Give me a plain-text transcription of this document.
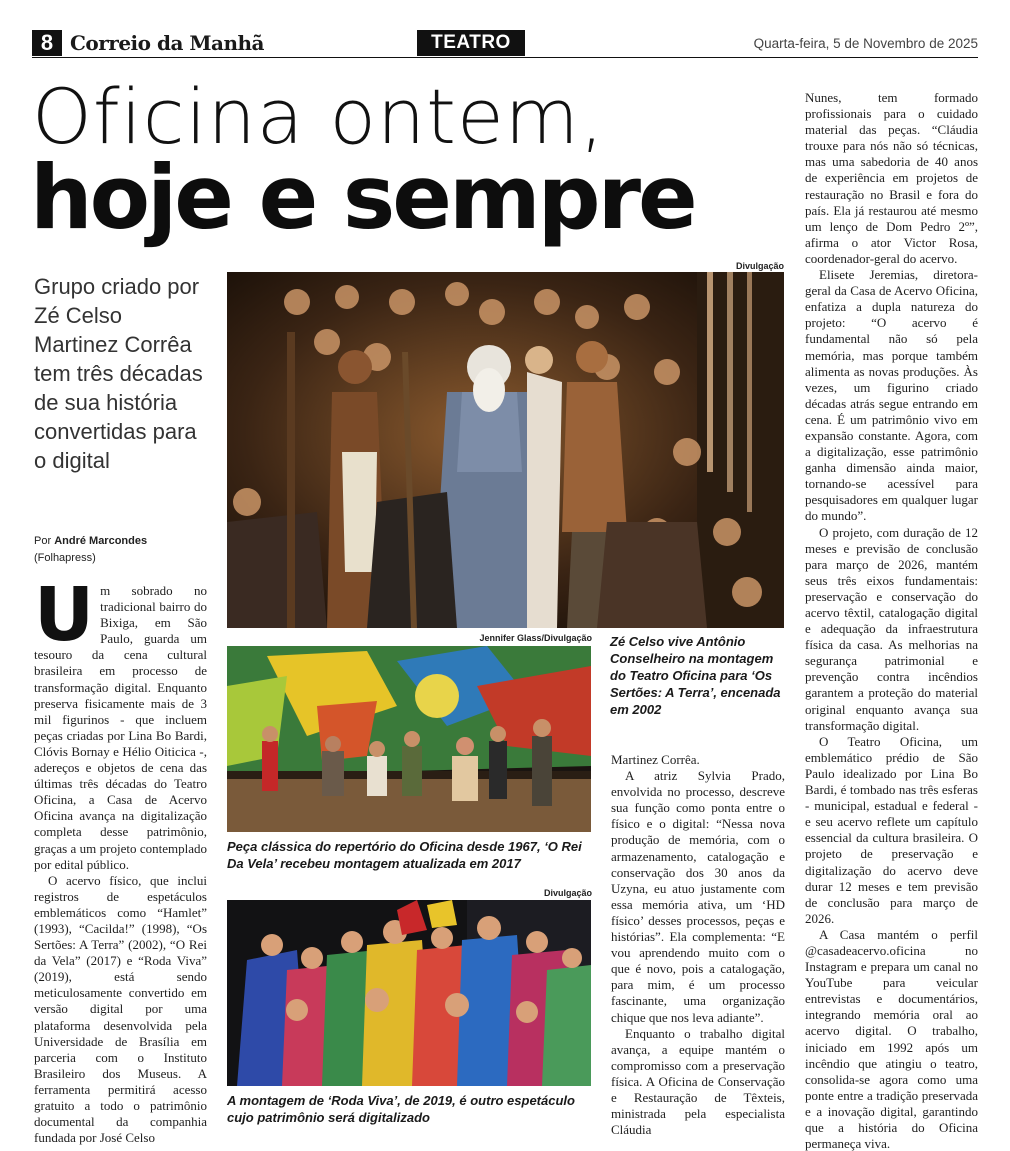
8 Correio da Manhã	TEATRO	Quarta-feira, 5 de Novembro de 2025
Oficina ontem,
hoje e sempre
Grupo criado por Zé Celso Martinez Corrêa tem três décadas de sua história convertidas para o digital
Por André Marcondes
(Folhapress)

Um sobrado no tradicional bairro do Bixiga, em São Paulo, guarda um tesouro da cena cultural brasileira em processo de transformação digital. Enquanto preserva fisicamente mais de 3 mil figurinos - que incluem peças criadas por Lina Bo Bardi, Clóvis Bornay e Hélio Oiticica -, adereços e objetos de cena das últimas três décadas do Teatro Oficina, a Casa de Acervo Oficina avança na digitalização completa desse patrimônio, graças a um projeto contemplado por edital público.

O acervo físico, que inclui registros de espetáculos emblemáticos como “Hamlet” (1993), “Cacilda!” (1998), “Os Sertões: A Terra” (2002), “O Rei da Vela” (2017) e “Roda Viva” (2019), está sendo meticulosamente convertido em versão digital por uma plataforma desenvolvida pela Universidade de Brasília em parceria com o Instituto Brasileiro dos Museus. A ferramenta permitirá acesso gratuito a todo o patrimônio documental da companhia fundada por José Celso

Divulgação
Jennifer Glass/Divulgação Zé Celso vive Antônio Conselheiro na montagem do Teatro Oficina para ‘Os Sertões: A Terra’, encenada em 2002
Peça clássica do repertório do Oficina desde 1967, ‘O Rei Da Vela’ recebeu montagem atualizada em 2017
Divulgação
A montagem de ‘Roda Viva’, de 2019, é outro espetáculo cujo patrimônio será digitalizado

Martinez Corrêa.

A atriz Sylvia Prado, envolvida no processo, descreve sua função como ponta entre o físico e o digital: “Nessa nova produção de memória, com o armazenamento, catalogação e conservação dos 30 anos da Uzyna, eu atuo justamente com essa memória ativa, um ‘HD físico’ desses processos, peças e histórias”. Ela complementa: “E vou aprendendo muito com o que é novo, pois a catalogação, para mim, é um processo fascinante, uma organização chique que nos leva adiante”.

Enquanto o trabalho digital avança, a equipe mantém o compromisso com a preservação física. A Oficina de Conservação e Restauração de Têxteis, ministrada pela especialista Cláudia

Nunes, tem formado profissionais para o cuidado material das peças. “Cláudia trouxe para nós não só técnicas, mas uma sabedoria de 40 anos de experiência em projetos de restauração no Brasil e fora do país. Ela já restaurou até mesmo um lenço de Dom Pedro 2º”, afirma o ator Victor Rosa, coordenador-geral do acervo.

Elisete Jeremias, diretora-geral da Casa de Acervo Oficina, enfatiza a dupla natureza do projeto: “O acervo é fundamental não só pela memória, mas porque também alimenta as novas produções. Às vezes, um figurino criado décadas atrás segue entrando em cena. É um patrimônio vivo em expansão constante. Agora, com a digitalização, esse patrimônio ganha dimensão ainda maior, tornando-se acessível para pesquisadores em qualquer lugar do mundo”.

O projeto, com duração de 12 meses e previsão de conclusão para março de 2026, mantém seus três eixos fundamentais: preservação e conservação do acervo têxtil, catalogação digital e adequação da infraestrutura física da casa. As melhorias na segurança patrimonial e prevenção contra incêndios garantem a proteção do material original enquanto avança sua transformação digital.

O Teatro Oficina, um emblemático prédio de São Paulo idealizado por Lina Bo Bardi, é tombado nas três esferas - municipal, estadual e federal - e seu acervo reflete um capítulo essencial da cultura brasileira. O projeto de preservação e digitalização do acervo deve durar 12 meses e tem previsão de conclusão para março de 2026.

A Casa mantém o perfil @casadeacervo.oficina no Instagram e prepara um canal no YouTube para veicular entrevistas e documentários, integrando memória oral ao acervo digital. O trabalho, iniciado em 1992 após um incêndio que atingiu o teatro, consolida-se agora como uma ponte entre a tradição preservada e a inovação digital, garantindo que a história do Oficina permaneça viva.
